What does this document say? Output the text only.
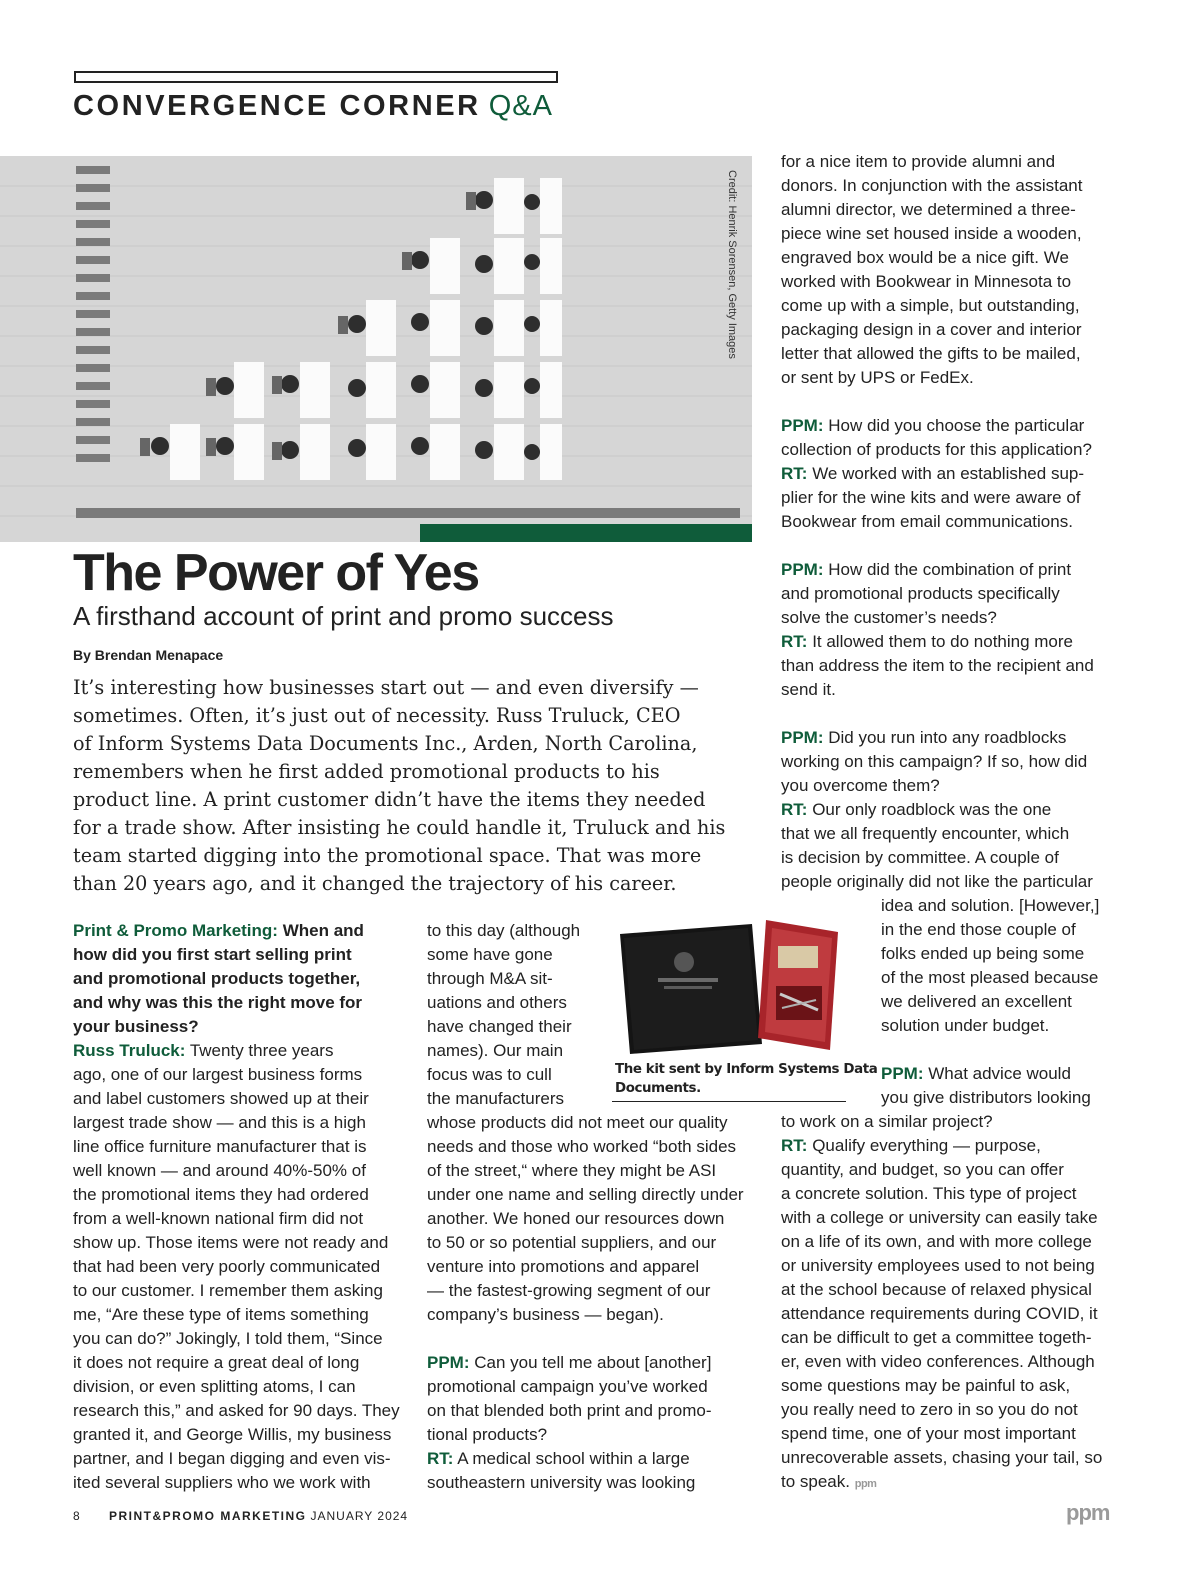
CONVERGENCE CORNER Q&A
Credit: Henrik Sorensen, Getty Images
The Power of Yes
A firsthand account of print and promo success
By Brendan Menapace
It’s interesting how businesses start out — and even diversify —
sometimes. Often, it’s just out of necessity. Russ Truluck, CEO
of Inform Systems Data Documents Inc., Arden, North Carolina,
remembers when he first added promotional products to his
product line. A print customer didn’t have the items they needed
for a trade show. After insisting he could handle it, Truluck and his
team started digging into the promotional space. That was more
than 20 years ago, and it changed the trajectory of his career.
Print & Promo Marketing: When and
how did you first start selling print
and promotional products together,
and why was this the right move for
your business?
Russ Truluck: Twenty three years
ago, one of our largest business forms
and label customers showed up at their
largest trade show — and this is a high
line office furniture manufacturer that is
well known — and around 40%-50% of
the promotional items they had ordered
from a well-known national firm did not
show up. Those items were not ready and
that had been very poorly communicated
to our customer. I remember them asking
me, “Are these type of items something
you can do?” Jokingly, I told them, “Since
it does not require a great deal of long
division, or even splitting atoms, I can
research this,” and asked for 90 days. They
granted it, and George Willis, my business
partner, and I began digging and even vis-
ited several suppliers who we work with
to this day (although
some have gone
through M&A sit-
uations and others
have changed their
names). Our main
focus was to cull
the manufacturers
whose products did not meet our quality
needs and those who worked “both sides
of the street,“ where they might be ASI
under one name and selling directly under
another. We honed our resources down
to 50 or so potential suppliers, and our
venture into promotions and apparel
— the fastest-growing segment of our
company’s business — began).
PPM: Can you tell me about [another]
promotional campaign you’ve worked
on that blended both print and promo-
tional products?
RT: A medical school within a large
southeastern university was looking
The kit sent by Inform Systems Data
Documents.
for a nice item to provide alumni and
donors. In conjunction with the assistant
alumni director, we determined a three-
piece wine set housed inside a wooden,
engraved box would be a nice gift. We
worked with Bookwear in Minnesota to
come up with a simple, but outstanding,
packaging design in a cover and interior
letter that allowed the gifts to be mailed,
or sent by UPS or FedEx.
PPM: How did you choose the particular
collection of products for this application?
RT: We worked with an established sup-
plier for the wine kits and were aware of
Bookwear from email communications.
PPM: How did the combination of print
and promotional products specifically
solve the customer’s needs?
RT: It allowed them to do nothing more
than address the item to the recipient and
send it.
PPM: Did you run into any roadblocks
working on this campaign? If so, how did
you overcome them?
RT: Our only roadblock was the one
that we all frequently encounter, which
is decision by committee. A couple of
people originally did not like the particular
idea and solution. [However,]
in the end those couple of
folks ended up being some
of the most pleased because
we delivered an excellent
solution under budget.
PPM: What advice would
you give distributors looking
to work on a similar project?
RT: Qualify everything — purpose,
quantity, and budget, so you can offer
a concrete solution. This type of project
with a college or university can easily take
on a life of its own, and with more college
or university employees used to not being
at the school because of relaxed physical
attendance requirements during COVID, it
can be difficult to get a committee togeth-
er, even with video conferences. Although
some questions may be painful to ask,
you really need to zero in so you do not
spend time, one of your most important
unrecoverable assets, chasing your tail, so
to speak. ppm
8 PRINT&PROMO MARKETING JANUARY 2024	ppm
